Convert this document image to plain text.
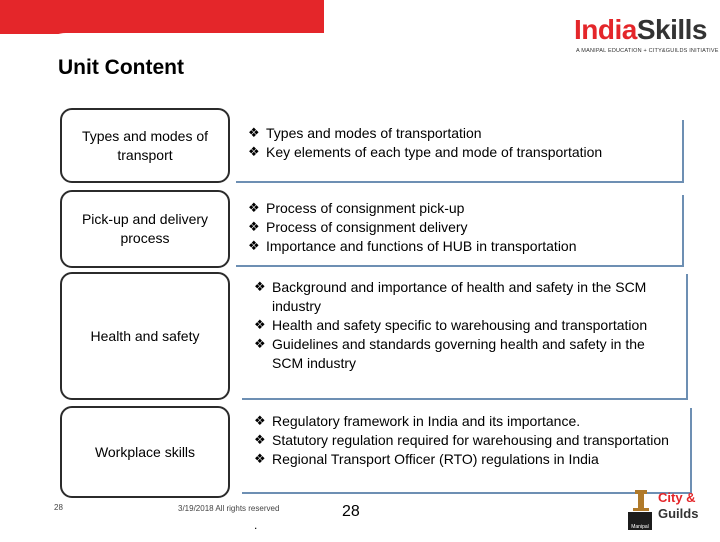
Unit Content
IndiaSkills
A MANIPAL EDUCATION + CITY&GUILDS INITIATIVE
Types and modes of transport
❖ Types and modes of transportation
❖ Key elements of each type and mode of transportation
Pick-up and delivery process
❖ Process of consignment pick-up
❖ Process of consignment delivery
❖ Importance and functions of HUB in transportation
Health and safety
❖ Background and importance of health and safety in the SCM industry
❖ Health and safety specific to warehousing and transportation
❖ Guidelines and standards governing health and safety in the SCM industry
Workplace skills
❖ Regulatory framework in India and its importance.
❖ Statutory regulation required for warehousing and transportation
❖ Regional Transport Officer (RTO) regulations in India
28	3/19/2018 All rights reserved
.
28
Manipal
City &
Guilds
